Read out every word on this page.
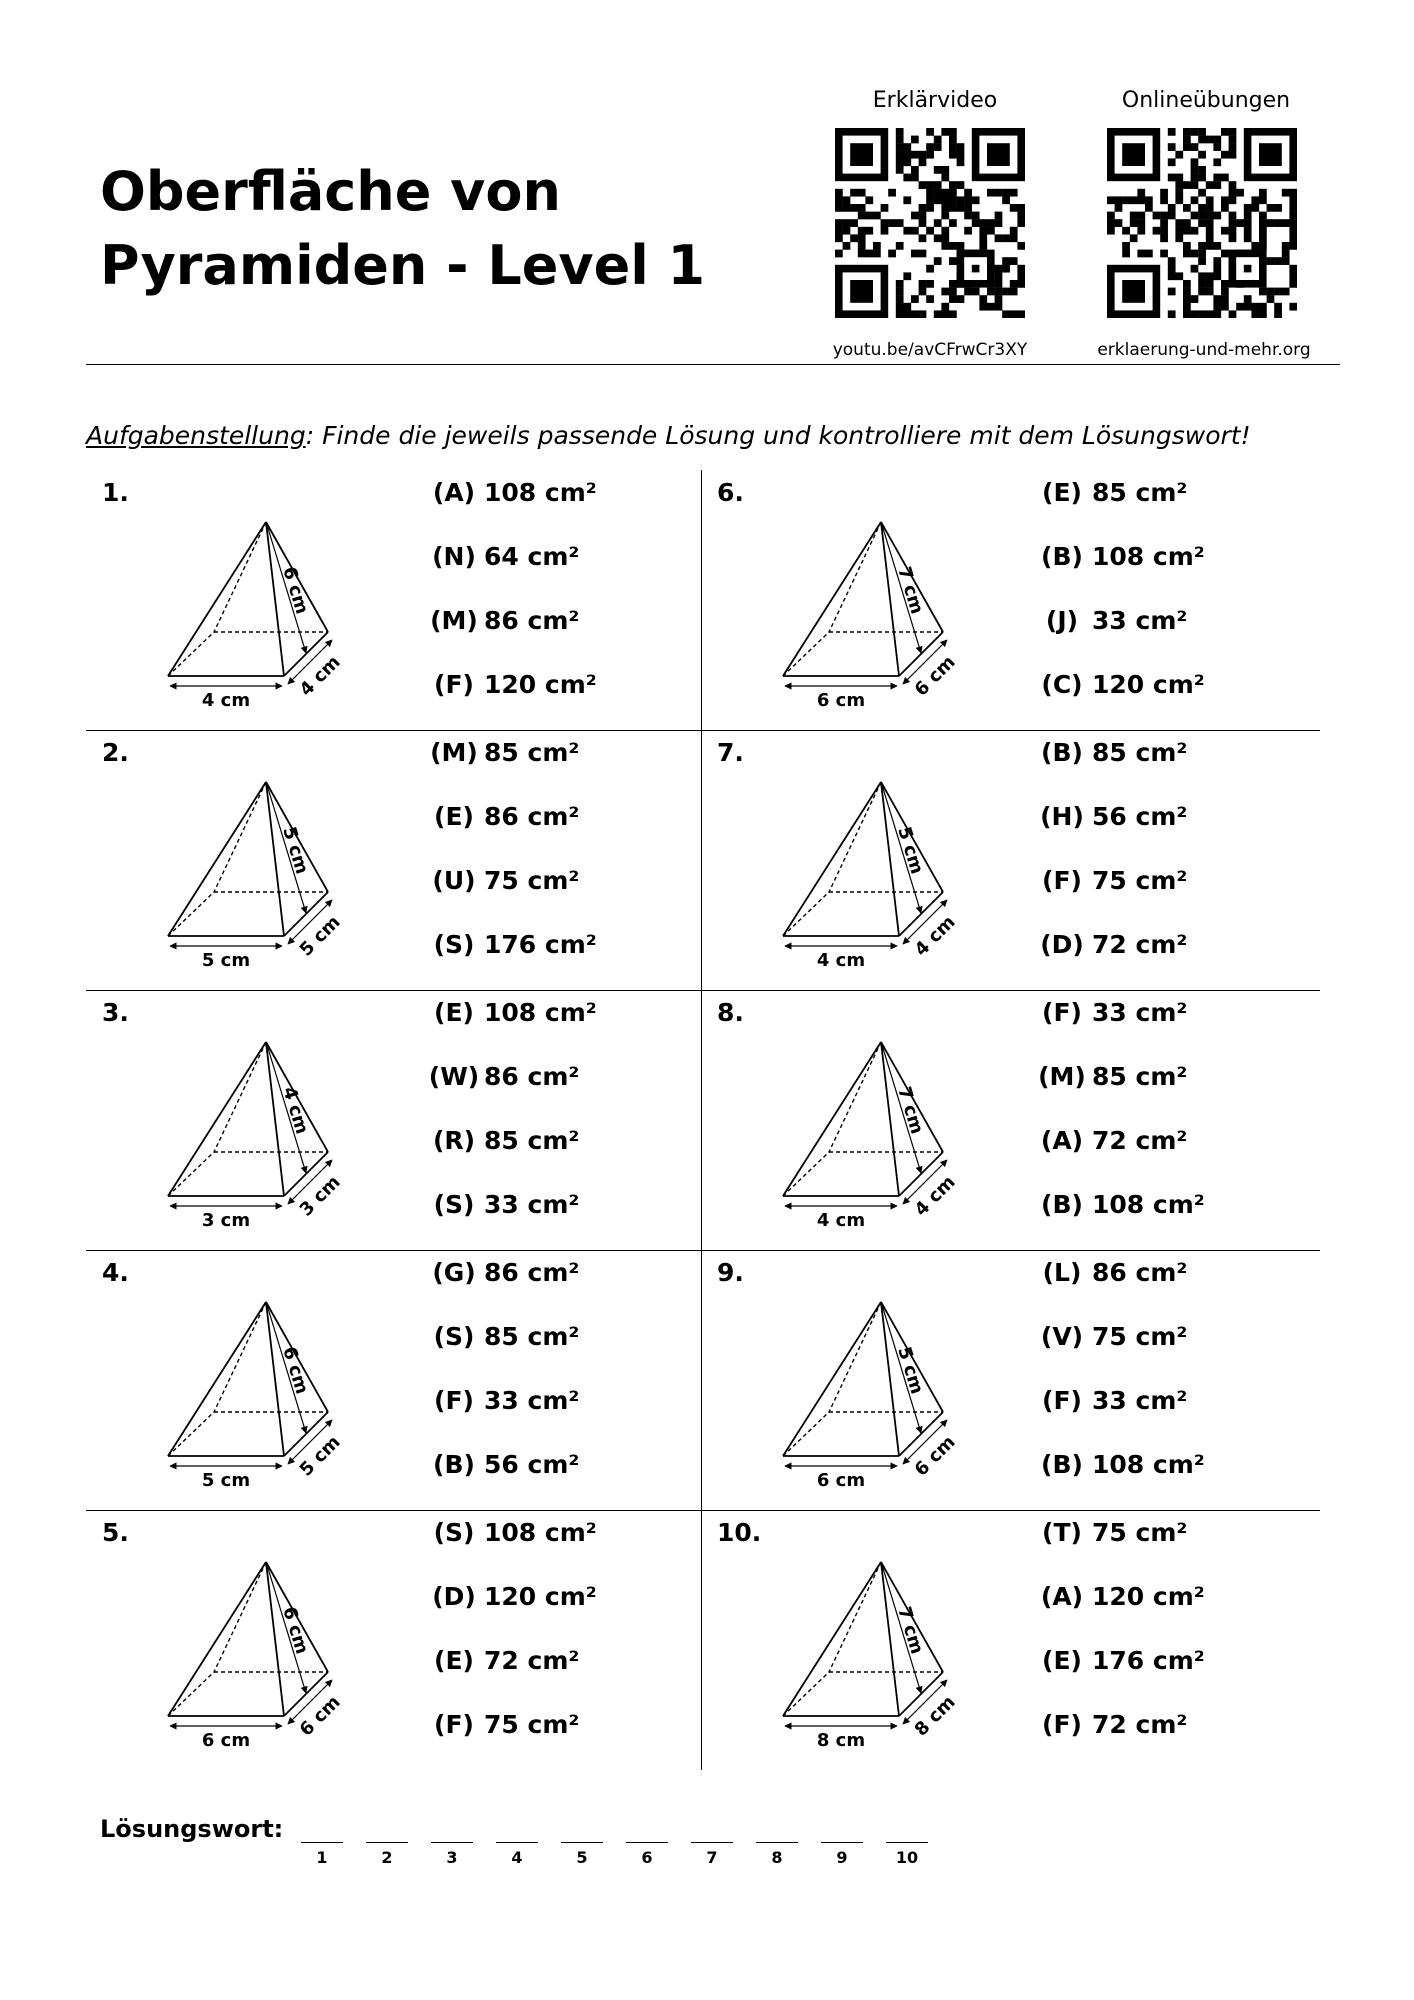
Oberfläche von
Pyramiden - Level 1
Erklärvideo
youtu.be/avCFrwCr3XY
Onlineübungen
erklaerung-und-mehr.org
Aufgabenstellung: Finde die jeweils passende Lösung und kontrolliere mit dem Lösungswort!
1.
6 cm
4 cm	4 cm
(A) 108 cm²
(N) 64 cm²
(M) 86 cm²
(F) 120 cm²
2.
5 cm
5 cm	5 cm
(M) 85 cm²
(E) 86 cm²
(U) 75 cm²
(S) 176 cm²
3.
4 cm
3 cm	3 cm
(E) 108 cm²
(W) 86 cm²
(R) 85 cm²
(S) 33 cm²
4.
6 cm
5 cm	5 cm
(G) 86 cm²
(S) 85 cm²
(F) 33 cm²
(B) 56 cm²
5.
6 cm
6 cm	6 cm
(S) 108 cm²
(D) 120 cm²
(E) 72 cm²
(F) 75 cm²
6.
7 cm
6 cm	6 cm
(E) 85 cm²
(B) 108 cm²
(J) 33 cm²
(C) 120 cm²
7.
5 cm
4 cm	4 cm
(B) 85 cm²
(H) 56 cm²
(F) 75 cm²
(D) 72 cm²
8.
7 cm
4 cm	4 cm
(F) 33 cm²
(M) 85 cm²
(A) 72 cm²
(B) 108 cm²
9.
5 cm
6 cm	6 cm
(L) 86 cm²
(V) 75 cm²
(F) 33 cm²
(B) 108 cm²
10.
7 cm
8 cm	8 cm
(T) 75 cm²
(A) 120 cm²
(E) 176 cm²
(F) 72 cm²
Lösungswort:
1	2	3	4	5	6	7	8	9	10
